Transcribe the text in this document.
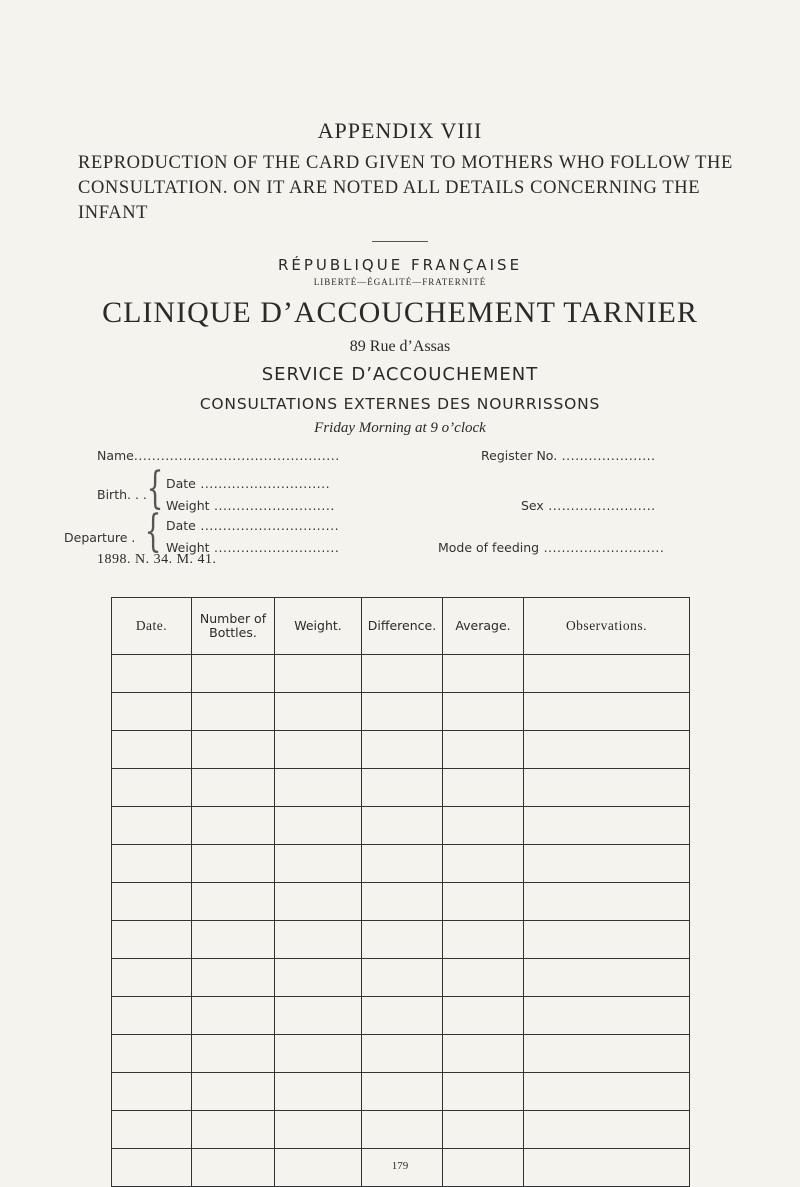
APPENDIX VIII
REPRODUCTION OF THE CARD GIVEN TO MOTHERS WHO FOLLOW THE CONSULTATION. ON IT ARE NOTED ALL DETAILS CONCERNING THE INFANT
RÉPUBLIQUE FRANÇAISE
LIBERTÉ—ÉGALITÉ—FRATERNITÉ
CLINIQUE D’ACCOUCHEMENT TARNIER
89 Rue d’Assas
SERVICE D’ACCOUCHEMENT
CONSULTATIONS EXTERNES DES NOURRISSONS
Friday Morning at 9 o’clock
Name..............................................	Register No. .....................
Birth. . . { Date .............................
Weight ...........................	Sex ........................
Departure . { Date ...............................
Weight ............................	Mode of feeding ...........................
1898. N. 34. M. 41.
Date.	Number of Bottles.	Weight.	Difference.	Average.	Observations.

179
